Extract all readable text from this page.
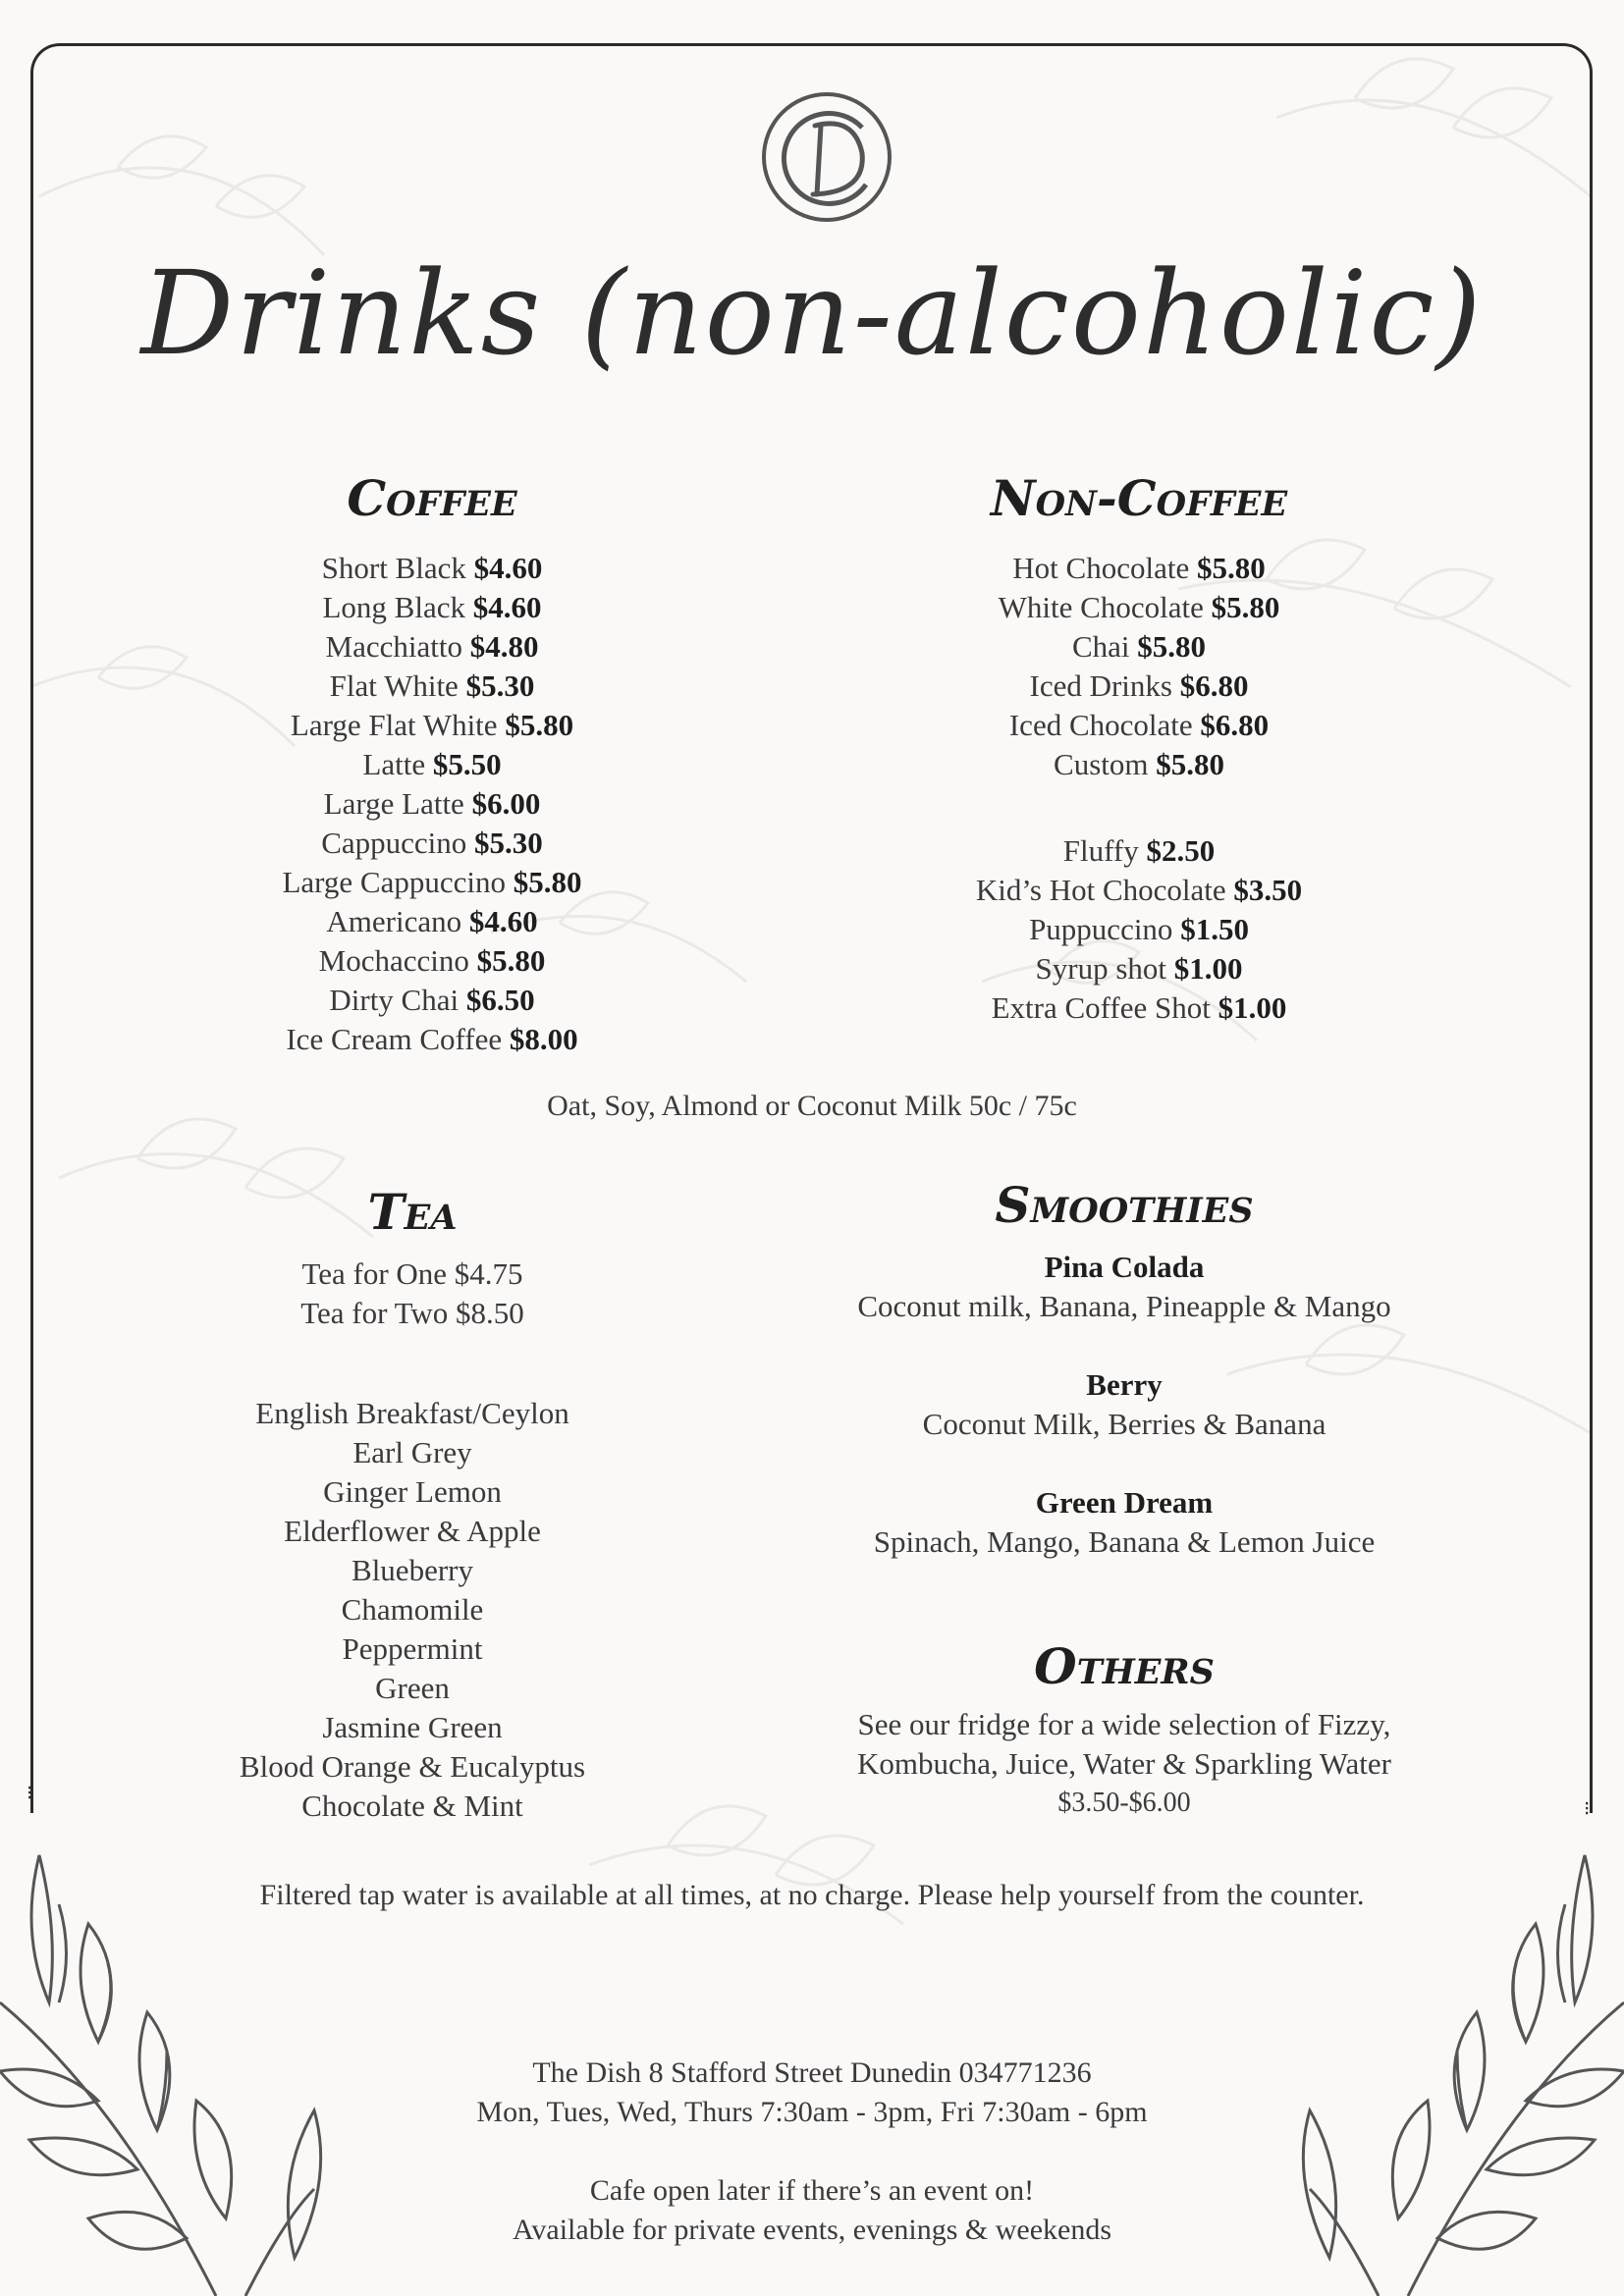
⁝
⁝
Drinks (non-alcoholic)
Coffee
Short Black $4.60
Long Black $4.60
Macchiatto $4.80
Flat White $5.30
Large Flat White $5.80
Latte $5.50
Large Latte $6.00
Cappuccino $5.30
Large Cappuccino $5.80
Americano $4.60
Mochaccino $5.80
Dirty Chai $6.50
Ice Cream Coffee $8.00
Non-Coffee
Hot Chocolate $5.80
White Chocolate $5.80
Chai $5.80
Iced Drinks $6.80
Iced Chocolate $6.80
Custom $5.80
Fluffy $2.50
Kid’s Hot Chocolate $3.50
Puppuccino $1.50
Syrup shot $1.00
Extra Coffee Shot $1.00
Oat, Soy, Almond or Coconut Milk 50c / 75c
Tea
Tea for One $4.75
Tea for Two $8.50
English Breakfast/Ceylon
Earl Grey
Ginger Lemon
Elderflower & Apple
Blueberry
Chamomile
Peppermint
Green
Jasmine Green
Blood Orange & Eucalyptus
Chocolate & Mint
Smoothies
Pina Colada
Coconut milk, Banana, Pineapple & Mango
Berry
Coconut Milk, Berries & Banana
Green Dream
Spinach, Mango, Banana & Lemon Juice
Others
See our fridge for a wide selection of Fizzy,
Kombucha, Juice, Water & Sparkling Water
$3.50-$6.00
Filtered tap water is available at all times, at no charge. Please help yourself from the counter.
The Dish 8 Stafford Street Dunedin 034771236
Mon, Tues, Wed, Thurs 7:30am - 3pm, Fri 7:30am - 6pm
Cafe open later if there’s an event on!
Available for private events, evenings & weekends
